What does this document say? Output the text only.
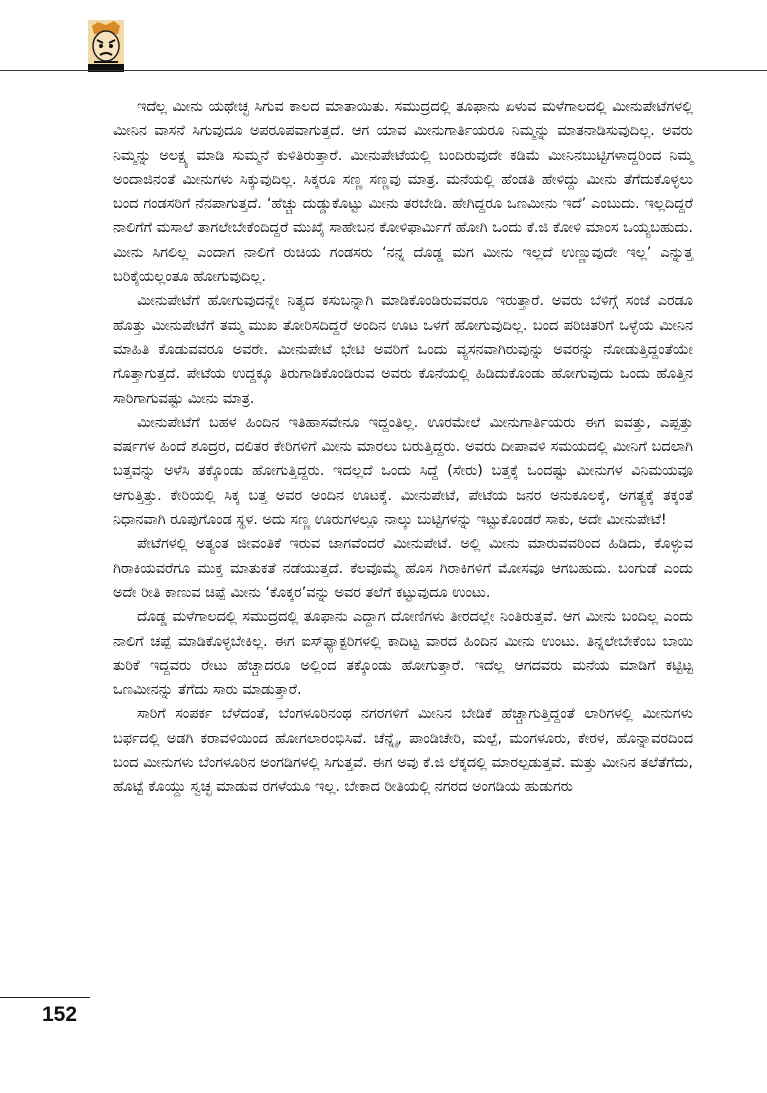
ಇದೆಲ್ಲ ಮೀನು ಯಥೇಚ್ಛ ಸಿಗುವ ಕಾಲದ ಮಾತಾಯಿತು. ಸಮುದ್ರದಲ್ಲಿ ತೂಫಾನು ಏಳುವ ಮಳೆಗಾಲದಲ್ಲಿ ಮೀನುಪೇಟೆಗಳಲ್ಲಿ ಮೀನಿನ ವಾಸನೆ ಸಿಗುವುದೂ ಅಪರೂಪವಾಗುತ್ತದೆ. ಆಗ ಯಾವ ಮೀನುಗಾರ್ತಿಯರೂ ನಿಮ್ಮನ್ನು ಮಾತನಾಡಿಸುವುದಿಲ್ಲ. ಅವರು ನಿಮ್ಮನ್ನು ಅಲಕ್ಷ್ಯ ಮಾಡಿ ಸುಮ್ಮನೆ ಕುಳಿತಿರುತ್ತಾರೆ. ಮೀನುಪೇಟೆಯಲ್ಲಿ ಬಂದಿರುವುದೇ ಕಡಿಮೆ ಮೀನಿನಬುಟ್ಟಿಗಳಾದ್ದರಿಂದ ನಿಮ್ಮ ಅಂದಾಜಿನಂತೆ ಮೀನುಗಳು ಸಿಕ್ಕುವುದಿಲ್ಲ. ಸಿಕ್ಕರೂ ಸಣ್ಣ ಸಣ್ಣವು ಮಾತ್ರ. ಮನೆಯಲ್ಲಿ ಹೆಂಡತಿ ಹೇಳಿದ್ದು ಮೀನು ತೆಗೆದುಕೊಳ್ಳಲು ಬಂದ ಗಂಡಸರಿಗೆ ನೆನಪಾಗುತ್ತದೆ. ‘ಹೆಚ್ಚು ದುಡ್ಡುಕೊಟ್ಟು ಮೀನು ತರಬೇಡಿ. ಹೇಗಿದ್ದರೂ ಒಣಮೀನು ಇದೆ’ ಎಂಬುದು. ಇಲ್ಲದಿದ್ದರೆ ನಾಲಿಗೆಗೆ ಮಸಾಲೆ ತಾಗಲೇಬೇಕೆಂದಿದ್ದರೆ ಮುಖೈ ಸಾಹೇಬನ ಕೋಳಿಫಾರ್ಮಿಗೆ ಹೋಗಿ ಒಂದು ಕೆ.ಜಿ ಕೋಳಿ ಮಾಂಸ ಒಯ್ಯಬಹುದು. ಮೀನು ಸಿಗಲಿಲ್ಲ ಎಂದಾಗ ನಾಲಿಗೆ ರುಚಿಯ ಗಂಡಸರು ‘ನನ್ನ ದೊಡ್ಡ ಮಗ ಮೀನು ಇಲ್ಲದೆ ಉಣ್ಣುವುದೇ ಇಲ್ಲ’ ಎನ್ನುತ್ತ ಬರಿಕೈಯಲ್ಲಂತೂ ಹೋಗುವುದಿಲ್ಲ.

ಮೀನುಪೇಟೆಗೆ ಹೋಗುವುದನ್ನೇ ನಿತ್ಯದ ಕಸುಬನ್ನಾಗಿ ಮಾಡಿಕೊಂಡಿರುವವರೂ ಇರುತ್ತಾರೆ. ಅವರು ಬೆಳಿಗ್ಗೆ ಸಂಜೆ ಎರಡೂ ಹೊತ್ತು ಮೀನುಪೇಟೆಗೆ ತಮ್ಮ ಮುಖ ತೋರಿಸದಿದ್ದರೆ ಅಂದಿನ ಊಟ ಒಳಗೆ ಹೋಗುವುದಿಲ್ಲ. ಬಂದ ಪರಿಚಿತರಿಗೆ ಒಳ್ಳೆಯ ಮೀನಿನ ಮಾಹಿತಿ ಕೊಡುವವರೂ ಅವರೇ. ಮೀನುಪೇಟೆ ಭೇಟಿ ಅವರಿಗೆ ಒಂದು ವ್ಯಸನವಾಗಿರುವುನ್ನು ಅವರನ್ನು ನೋಡುತ್ತಿದ್ದಂತೆಯೇ ಗೊತ್ತಾಗುತ್ತದೆ. ಪೇಟೆಯ ಉದ್ದಕ್ಕೂ ತಿರುಗಾಡಿಕೊಂಡಿರುವ ಅವರು ಕೊನೆಯಲ್ಲಿ ಹಿಡಿದುಕೊಂಡು ಹೋಗುವುದು ಒಂದು ಹೊತ್ತಿನ ಸಾರಿಗಾಗುವಷ್ಟು ಮೀನು ಮಾತ್ರ.

ಮೀನುಪೇಟೆಗೆ ಬಹಳ ಹಿಂದಿನ ಇತಿಹಾಸವೇನೂ ಇದ್ದಂತಿಲ್ಲ. ಊರಮೇಲೆ ಮೀನುಗಾರ್ತಿಯರು ಈಗ ಐವತ್ತು, ಎಪ್ಪತ್ತು ವರ್ಷಗಳ ಹಿಂದೆ ಶೂದ್ರರ, ದಲಿತರ ಕೇರಿಗಳಿಗೆ ಮೀನು ಮಾರಲು ಬರುತ್ತಿದ್ದರು. ಅವರು ದೀಪಾವಳಿ ಸಮಯದಲ್ಲಿ ಮೀನಿಗೆ ಬದಲಾಗಿ ಬತ್ತವನ್ನು ಅಳೆಸಿ ತಕ್ಕೊಂಡು ಹೋಗುತ್ತಿದ್ದರು. ಇದಲ್ಲದೆ ಒಂದು ಸಿದ್ದೆ (ಸೇರು) ಬತ್ತಕ್ಕೆ ಒಂದಷ್ಟು ಮೀನುಗಳ ವಿನಿಮಯವೂ ಆಗುತ್ತಿತ್ತು. ಕೇರಿಯಲ್ಲಿ ಸಿಕ್ಕ ಬತ್ತ ಅವರ ಅಂದಿನ ಊಟಕ್ಕೆ. ಮೀನುಪೇಟೆ, ಪೇಟೆಯ ಜನರ ಅನುಕೂಲಕ್ಕೆ, ಅಗತ್ಯಕ್ಕೆ ತಕ್ಕಂತೆ ನಿಧಾನವಾಗಿ ರೂಪುಗೊಂಡ ಸ್ಥಳ. ಅದು ಸಣ್ಣ ಊರುಗಳಲ್ಲೂ ನಾಲ್ಕು ಬುಟ್ಟಿಗಳನ್ನು ಇಟ್ಟುಕೊಂಡರೆ ಸಾಕು, ಅದೇ ಮೀನುಪೇಟೆ!

ಪೇಟೆಗಳಲ್ಲಿ ಅತ್ಯಂತ ಜೀವಂತಿಕೆ ಇರುವ ಜಾಗವೆಂದರೆ ಮೀನುಪೇಟೆ. ಅಲ್ಲಿ ಮೀನು ಮಾರುವವರಿಂದ ಹಿಡಿದು, ಕೊಳ್ಳುವ ಗಿರಾಕಿಯವರೆಗೂ ಮುಕ್ತ ಮಾತುಕತೆ ನಡೆಯುತ್ತದೆ. ಕೆಲವೊಮ್ಮೆ ಹೊಸ ಗಿರಾಕಿಗಳಿಗೆ ಮೋಸವೂ ಆಗಬಹುದು. ಬಂಗುಡೆ ಎಂದು ಅದೇ ರೀತಿ ಕಾಣುವ ಚಿಪ್ಪೆ ಮೀನು ‘ಕೊಕ್ಕರ’ವನ್ನು ಅವರ ತಲೆಗೆ ಕಟ್ಟುವುದೂ ಉಂಟು.

ದೊಡ್ಡ ಮಳೆಗಾಲದಲ್ಲಿ ಸಮುದ್ರದಲ್ಲಿ ತೂಫಾನು ಎದ್ದಾಗ ದೋಣಿಗಳು ತೀರದಲ್ಲೇ ನಿಂತಿರುತ್ತವೆ. ಆಗ ಮೀನು ಬಂದಿಲ್ಲ ಎಂದು ನಾಲಿಗೆ ಚಪ್ಪೆ ಮಾಡಿಕೊಳ್ಳಬೇಕಿಲ್ಲ. ಈಗ ಐಸ್‌ಫ್ಯಾಕ್ಟರಿಗಳಲ್ಲಿ ಕಾದಿಟ್ಟ ವಾರದ ಹಿಂದಿನ ಮೀನು ಉಂಟು. ತಿನ್ನಲೇಬೇಕೆಂಬ ಬಾಯಿ ತುರಿಕೆ ಇದ್ದವರು ರೇಟು ಹೆಚ್ಚಾದರೂ ಅಲ್ಲಿಂದ ತಕ್ಕೊಂಡು ಹೋಗುತ್ತಾರೆ. ಇದೆಲ್ಲ ಆಗದವರು ಮನೆಯ ಮಾಡಿಗೆ ಕಟ್ಟಿಟ್ಟ ಒಣಮೀನನ್ನು ತೆಗೆದು ಸಾರು ಮಾಡುತ್ತಾರೆ.

ಸಾರಿಗೆ ಸಂಪರ್ಕ ಬೆಳೆದಂತೆ, ಬೆಂಗಳೂರಿನಂಥ ನಗರಗಳಿಗೆ ಮೀನಿನ ಬೇಡಿಕೆ ಹೆಚ್ಚಾಗುತ್ತಿದ್ದಂತೆ ಲಾರಿಗಳಲ್ಲಿ ಮೀನುಗಳು ಬರ್ಫದಲ್ಲಿ ಅಡಗಿ ಕರಾವಳಿಯಿಂದ ಹೋಗಲಾರಂಭಿಸಿವೆ. ಚೆನ್ನೈ, ಪಾಂಡಿಚೇರಿ, ಮಲ್ಪೆ, ಮಂಗಳೂರು, ಕೇರಳ, ಹೊನ್ನಾವರದಿಂದ ಬಂದ ಮೀನುಗಳು ಬೆಂಗಳೂರಿನ ಅಂಗಡಿಗಳಲ್ಲಿ ಸಿಗುತ್ತವೆ. ಈಗ ಅವು ಕೆ.ಜಿ ಲೆಕ್ಕದಲ್ಲಿ ಮಾರಲ್ಪಡುತ್ತವೆ. ಮತ್ತು ಮೀನಿನ ತಲೆತೆಗೆದು, ಹೊಟ್ಟೆ ಕೊಯ್ದು ಸ್ವಚ್ಛ ಮಾಡುವ ರಗಳೆಯೂ ಇಲ್ಲ. ಬೇಕಾದ ರೀತಿಯಲ್ಲಿ ನಗರದ ಅಂಗಡಿಯ ಹುಡುಗರು

152
